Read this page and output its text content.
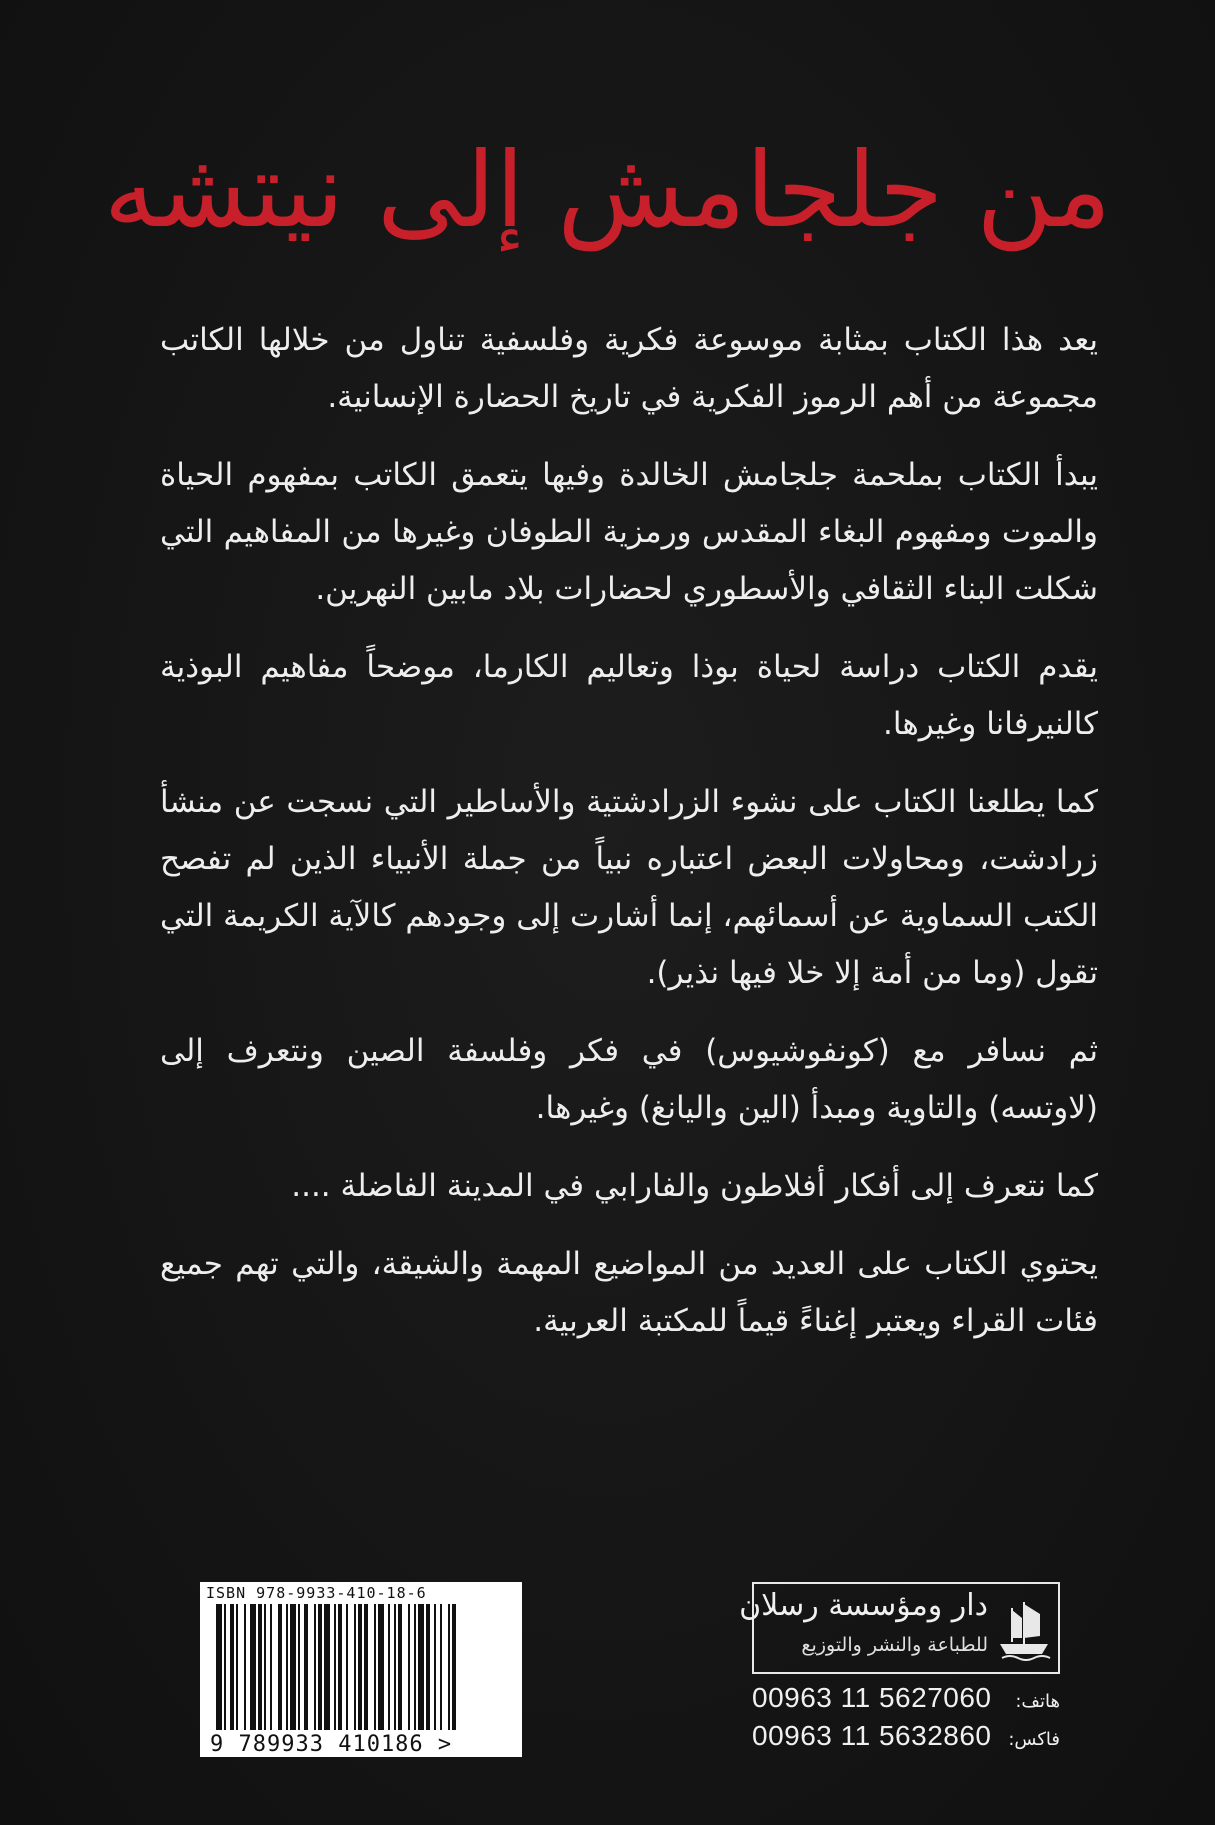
من جلجامش إلى نيتشه

يعد هذا الكتاب بمثابة موسوعة فكرية وفلسفية تناول من خلالها الكاتب مجموعة من أهم الرموز الفكرية في تاريخ الحضارة الإنسانية.

يبدأ الكتاب بملحمة جلجامش الخالدة وفيها يتعمق الكاتب بمفهوم الحياة والموت ومفهوم البغاء المقدس ورمزية الطوفان وغيرها من المفاهيم التي شكلت البناء الثقافي والأسطوري لحضارات بلاد مابين النهرين.

يقدم الكتاب دراسة لحياة بوذا وتعاليم الكارما، موضحاً مفاهيم البوذية كالنيرفانا وغيرها.

كما يطلعنا الكتاب على نشوء الزرادشتية والأساطير التي نسجت عن منشأ زرادشت، ومحاولات البعض اعتباره نبياً من جملة الأنبياء الذين لم تفصح الكتب السماوية عن أسمائهم، إنما أشارت إلى وجودهم كالآية الكريمة التي تقول (وما من أمة إلا خلا فيها نذير).

ثم نسافر مع (كونفوشيوس) في فكر وفلسفة الصين ونتعرف إلى (لاوتسه) والتاوية ومبدأ (الين واليانغ) وغيرها.

كما نتعرف إلى أفكار أفلاطون والفارابي في المدينة الفاضلة ....

يحتوي الكتاب على العديد من المواضيع المهمة والشيقة، والتي تهم جميع فئات القراء ويعتبر إغناءً قيماً للمكتبة العربية.

ISBN 978-9933-410-18-6
9 789933 410186 >
دار ومؤسسة رسلان
للطباعة والنشر والتوزيع
00963 11 5627060 هاتف:
00963 11 5632860 فاكس:
